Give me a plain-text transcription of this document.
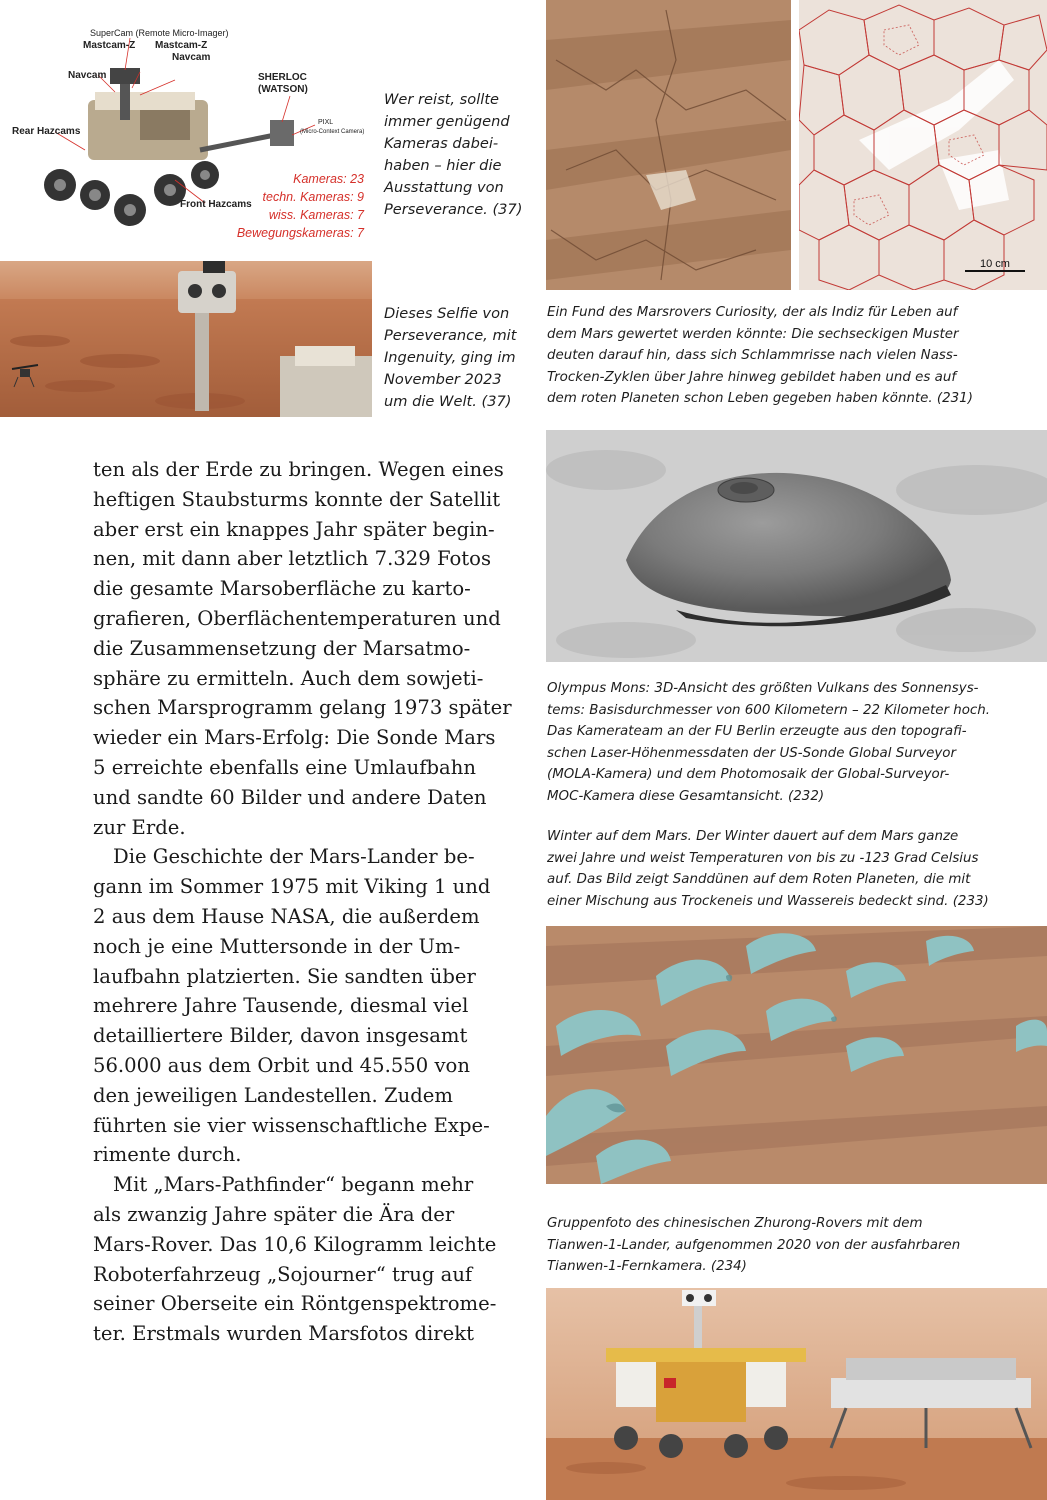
SuperCam (Remote Micro-Imager)
Mastcam-Z Mastcam-Z
Navcam
Navcam
SHERLOC
(WATSON)
PIXL
(Micro-Context Camera)
Rear Hazcams
Front Hazcams
Kameras: 23
techn. Kameras: 9
wiss. Kameras: 7
Bewegungskameras: 7
Wer reist, sollte
immer genügend
Kameras dabei-
haben – hier die
Ausstattung von
Perseverance. (37)
Dieses Selfie von
Perseverance, mit
Ingenuity, ging im
November 2023
um die Welt. (37)
10 cm
Ein Fund des Marsrovers Curiosity, der als Indiz für Leben auf
dem Mars gewertet werden könnte: Die sechseckigen Muster
deuten darauf hin, dass sich Schlammrisse nach vielen Nass-
Trocken-Zyklen über Jahre hinweg gebildet haben und es auf
dem roten Planeten schon Leben gegeben haben könnte. (231)
Olympus Mons: 3D-Ansicht des größten Vulkans des Sonnensys-
tems: Basisdurchmesser von 600 Kilometern – 22 Kilometer hoch.
Das Kamerateam an der FU Berlin erzeugte aus den topografi-
schen Laser-Höhenmessdaten der US-Sonde Global Surveyor
(MOLA-Kamera) und dem Photomosaik der Global-Surveyor-
MOC-Kamera diese Gesamtansicht. (232)
Winter auf dem Mars. Der Winter dauert auf dem Mars ganze
zwei Jahre und weist Temperaturen von bis zu -123 Grad Celsius
auf. Das Bild zeigt Sanddünen auf dem Roten Planeten, die mit
einer Mischung aus Trockeneis und Wassereis bedeckt sind. (233)
Gruppenfoto des chinesischen Zhurong-Rovers mit dem
Tianwen-1-Lander, aufgenommen 2020 von der ausfahrbaren
Tianwen-1-Fernkamera. (234)

ten als der Erde zu bringen. Wegen eines
heftigen Staubsturms konnte der Satellit
aber erst ein knappes Jahr später begin-
nen, mit dann aber letztlich 7.329 Fotos
die gesamte Marsoberfläche zu karto-
grafieren, Oberflächentemperaturen und
die Zusammensetzung der Marsatmo-
sphäre zu ermitteln. Auch dem sowjeti-
schen Marsprogramm gelang 1973 später
wieder ein Mars-Erfolg: Die Sonde Mars
5 erreichte ebenfalls eine Umlaufbahn
und sandte 60 Bilder und andere Daten
zur Erde.

Die Geschichte der Mars-Lander be-
gann im Sommer 1975 mit Viking 1 und
2 aus dem Hause NASA, die außerdem
noch je eine Muttersonde in der Um-
laufbahn platzierten. Sie sandten über
mehrere Jahre Tausende, diesmal viel
detailliertere Bilder, davon insgesamt
56.000 aus dem Orbit und 45.550 von
den jeweiligen Landestellen. Zudem
führten sie vier wissenschaftliche Expe-
rimente durch.

Mit „Mars-Pathfinder“ begann mehr
als zwanzig Jahre später die Ära der
Mars-Rover. Das 10,6 Kilogramm leichte
Roboterfahrzeug „Sojourner“ trug auf
seiner Oberseite ein Röntgenspektrome-
ter. Erstmals wurden Marsfotos direkt
